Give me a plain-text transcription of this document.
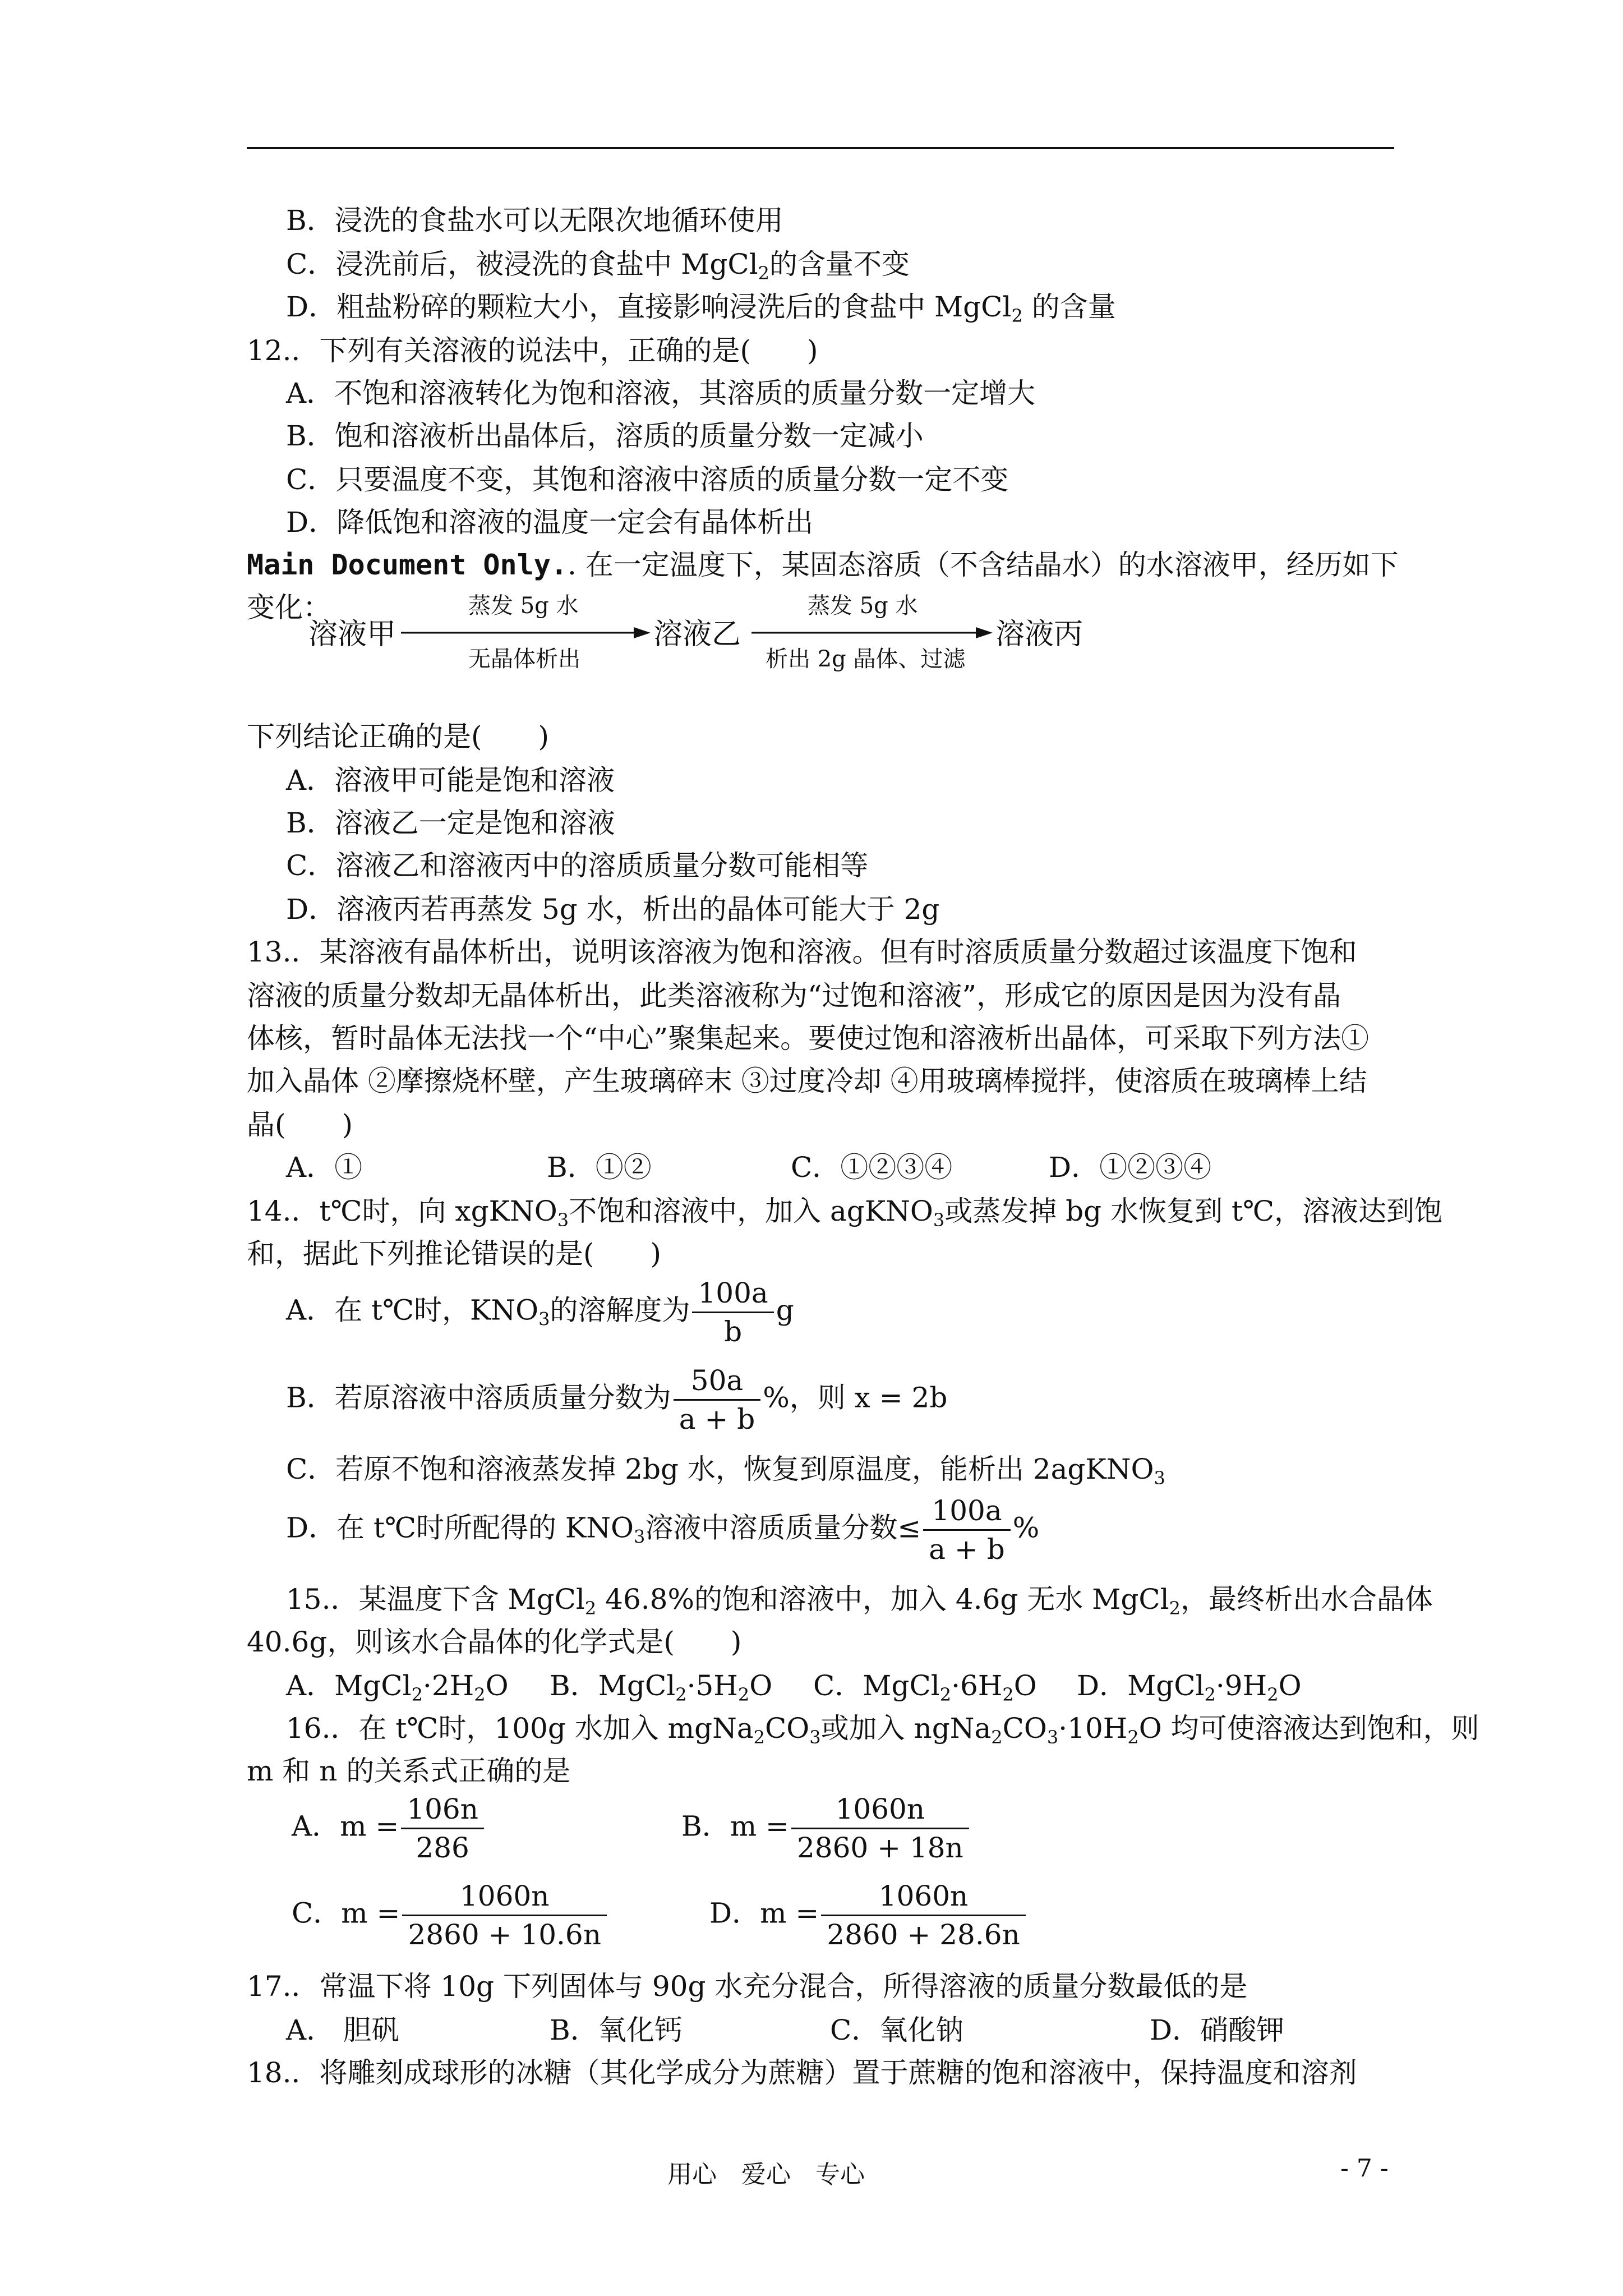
B．浸洗的食盐水可以无限次地循环使用
C．浸洗前后，被浸洗的食盐中 MgCl$_2$的含量不变
D．粗盐粉碎的颗粒大小，直接影响浸洗后的食盐中 MgCl$_2$ 的含量
12.．下列有关溶液的说法中，正确的是(　　)
A．不饱和溶液转化为饱和溶液，其溶质的质量分数一定增大
B．饱和溶液析出晶体后，溶质的质量分数一定减小
C．只要温度不变，其饱和溶液中溶质的质量分数一定不变
D．降低饱和溶液的温度一定会有晶体析出
Main Document Only.. 在一定温度下，某固态溶质（不含结晶水）的水溶液甲，经历如下
变化：
溶液甲
蒸发 5g 水
无晶体析出
溶液乙
蒸发 5g 水
析出 2g 晶体、过滤
溶液丙
下列结论正确的是(　　)
A．溶液甲可能是饱和溶液
B．溶液乙一定是饱和溶液
C．溶液乙和溶液丙中的溶质质量分数可能相等
D．溶液丙若再蒸发 5g 水，析出的晶体可能大于 2g
13.．某溶液有晶体析出，说明该溶液为饱和溶液。但有时溶质质量分数超过该温度下饱和
溶液的质量分数却无晶体析出，此类溶液称为“过饱和溶液”，形成它的原因是因为没有晶
体核，暂时晶体无法找一个“中心”聚集起来。要使过饱和溶液析出晶体，可采取下列方法①
加入晶体 ②摩擦烧杯壁，产生玻璃碎末 ③过度冷却 ④用玻璃棒搅拌，使溶质在玻璃棒上结
晶(　　)
A．①	B．①②	C．①②③④	D．①②③④
14.．t℃时，向 xgKNO$_3$不饱和溶液中，加入 agKNO$_3$或蒸发掉 bg 水恢复到 t℃，溶液达到饱
和，据此下列推论错误的是(　　)
A．在 t℃时，$KNO_3$的溶解度为 $\frac{100a}{b}$ g
B．若原溶液中溶质质量分数为 $\frac{50a}{a + b}$ %，则 x = 2b
C．若原不饱和溶液蒸发掉 2bg 水，恢复到原温度，能析出 2agKNO$_3$
D．在 t℃时所配得的 $KNO_3$溶液中溶质质量分数≤ $\frac{100a}{a + b}$ %
15.．某温度下含 MgCl$_2$ 46.8%的饱和溶液中，加入 4.6g 无水 MgCl$_2$，最终析出水合晶体
40.6g，则该水合晶体的化学式是(　　)
A．$MgCl_2\cdot 2H_2O$ B．$MgCl_2\cdot 5H_2O$ C．$MgCl_2\cdot 6H_2O$ D．$MgCl_2\cdot 9H_2O$
16.．在 t℃时，100g 水加入 $mgNa_2CO_3$或加入 $ngNa_2CO_3\cdot 10H_2O$ 均可使溶液达到饱和，则
m 和 n 的关系式正确的是
A．$m = \frac{106n}{286}$	B．$m = \frac{1060n}{2860 + 18n}$
C．$m = \frac{1060n}{2860 + 10.6n}$	D．$m = \frac{1060n}{2860 + 28.6n}$
17.．常温下将 10g 下列固体与 90g 水充分混合，所得溶液的质量分数最低的是
A． 胆矾	B．氧化钙	C．氧化钠	D．硝酸钾
18.．将雕刻成球形的冰糖（其化学成分为蔗糖）置于蔗糖的饱和溶液中，保持温度和溶剂
用心　爱心　专心	- 7 -
